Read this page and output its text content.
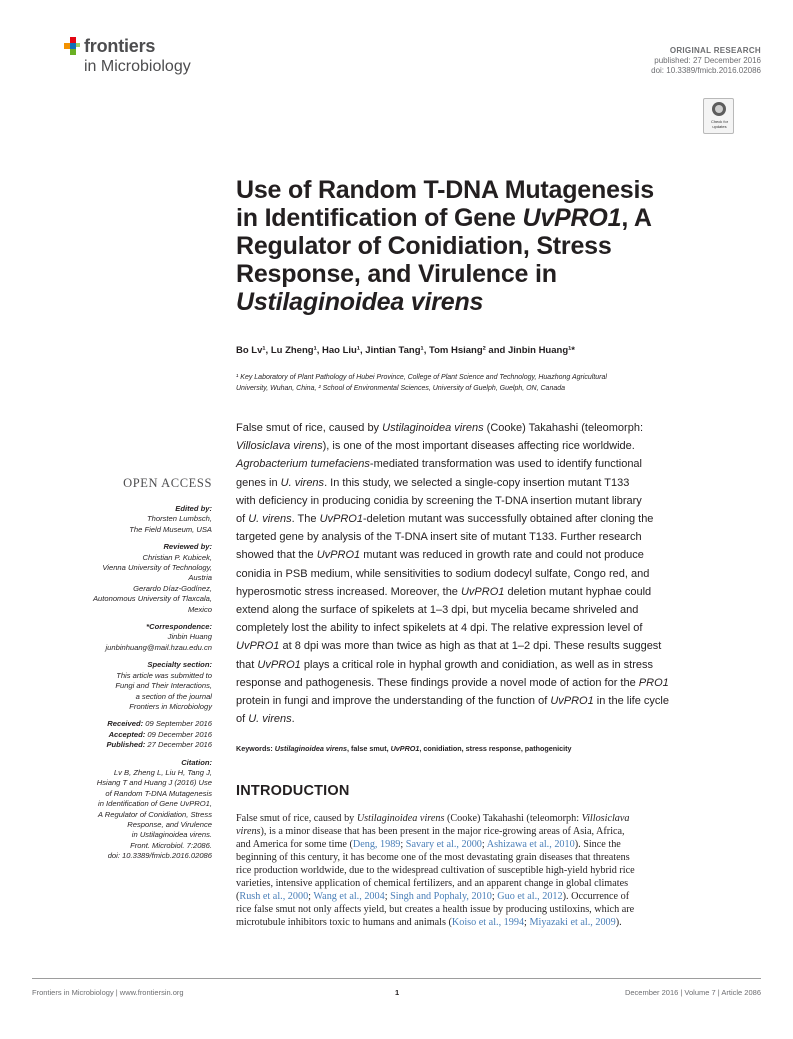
frontiers
in Microbiology
ORIGINAL RESEARCH
published: 27 December 2016
doi: 10.3389/fmicb.2016.02086
Check for
updates
Use of Random T-DNA Mutagenesis
in Identification of Gene UvPRO1, A
Regulator of Conidiation, Stress
Response, and Virulence in
Ustilaginoidea virens
Bo Lv¹, Lu Zheng¹, Hao Liu¹, Jintian Tang¹, Tom Hsiang² and Jinbin Huang¹*
¹ Key Laboratory of Plant Pathology of Hubei Province, College of Plant Science and Technology, Huazhong Agricultural
University, Wuhan, China, ² School of Environmental Sciences, University of Guelph, Guelph, ON, Canada
False smut of rice, caused by Ustilaginoidea virens (Cooke) Takahashi (teleomorph:
Villosiclava virens), is one of the most important diseases affecting rice worldwide.
Agrobacterium tumefaciens-mediated transformation was used to identify functional
genes in U. virens. In this study, we selected a single-copy insertion mutant T133
with deficiency in producing conidia by screening the T-DNA insertion mutant library
of U. virens. The UvPRO1-deletion mutant was successfully obtained after cloning the
targeted gene by analysis of the T-DNA insert site of mutant T133. Further research
showed that the UvPRO1 mutant was reduced in growth rate and could not produce
conidia in PSB medium, while sensitivities to sodium dodecyl sulfate, Congo red, and
hyperosmotic stress increased. Moreover, the UvPRO1 deletion mutant hyphae could
extend along the surface of spikelets at 1–3 dpi, but mycelia became shriveled and
completely lost the ability to infect spikelets at 4 dpi. The relative expression level of
UvPRO1 at 8 dpi was more than twice as high as that at 1–2 dpi. These results suggest
that UvPRO1 plays a critical role in hyphal growth and conidiation, as well as in stress
response and pathogenesis. These findings provide a novel mode of action for the PRO1
protein in fungi and improve the understanding of the function of UvPRO1 in the life cycle
of U. virens.
Keywords: Ustilaginoidea virens, false smut, UvPRO1, conidiation, stress response, pathogenicity
INTRODUCTION
False smut of rice, caused by Ustilaginoidea virens (Cooke) Takahashi (teleomorph: Villosiclava
virens), is a minor disease that has been present in the major rice-growing areas of Asia, Africa,
and America for some time (Deng, 1989; Savary et al., 2000; Ashizawa et al., 2010). Since the
beginning of this century, it has become one of the most devastating grain diseases that threatens
rice production worldwide, due to the widespread cultivation of susceptible high-yield hybrid rice
varieties, intensive application of chemical fertilizers, and an apparent change in global climates
(Rush et al., 2000; Wang et al., 2004; Singh and Pophaly, 2010; Guo et al., 2012). Occurrence of
rice false smut not only affects yield, but creates a health issue by producing ustiloxins, which are
microtubule inhibitors toxic to humans and animals (Koiso et al., 1994; Miyazaki et al., 2009).
OPEN ACCESS
Edited by:
Thorsten Lumbsch,
The Field Museum, USA
Reviewed by:
Christian P. Kubicek,
Vienna University of Technology,
Austria
Gerardo Díaz-Godínez,
Autonomous University of Tlaxcala,
Mexico
*Correspondence:
Jinbin Huang
junbinhuang@mail.hzau.edu.cn
Specialty section:
This article was submitted to
Fungi and Their Interactions,
a section of the journal
Frontiers in Microbiology
Received: 09 September 2016
Accepted: 09 December 2016
Published: 27 December 2016
Citation:
Lv B, Zheng L, Liu H, Tang J,
Hsiang T and Huang J (2016) Use
of Random T-DNA Mutagenesis
in Identification of Gene UvPRO1,
A Regulator of Conidiation, Stress
Response, and Virulence
in Ustilaginoidea virens.
Front. Microbiol. 7:2086.
doi: 10.3389/fmicb.2016.02086
Frontiers in Microbiology | www.frontiersin.org	1	December 2016 | Volume 7 | Article 2086
